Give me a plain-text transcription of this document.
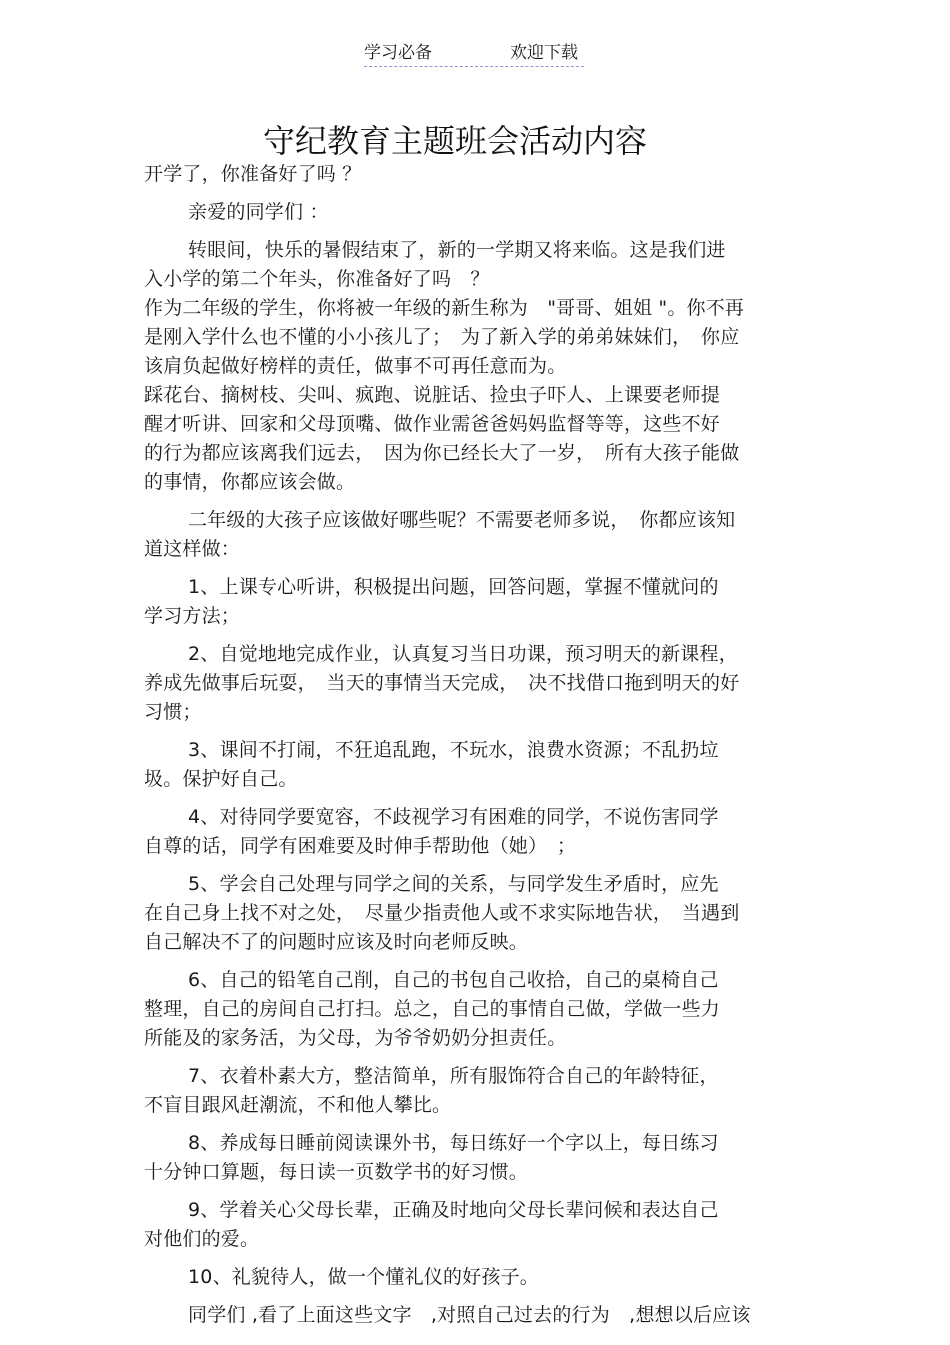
学习必备	欢迎下载
守纪教育主题班会活动内容

开学了，你准备好了吗 ？

亲爱的同学们 ：

转眼间，快乐的暑假结束了，新的一学期又将来临。这是我们进

入小学的第二个年头，你准备好了吗　？

作为二年级的学生，你将被一年级的新生称为　"哥哥、姐姐 "。你不再

是刚入学什么也不懂的小小孩儿了；　为了新入学的弟弟妹妹们，　你应

该肩负起做好榜样的责任，做事不可再任意而为。

踩花台、摘树枝、尖叫、疯跑、说脏话、捡虫子吓人、上课要老师提

醒才听讲、回家和父母顶嘴、做作业需爸爸妈妈监督等等，这些不好

的行为都应该离我们远去，　因为你已经长大了一岁，　所有大孩子能做

的事情，你都应该会做。

二年级的大孩子应该做好哪些呢？不需要老师多说，　你都应该知

道这样做：

1、上课专心听讲，积极提出问题，回答问题，掌握不懂就问的

学习方法；

2、自觉地地完成作业，认真复习当日功课，预习明天的新课程，

养成先做事后玩耍，　当天的事情当天完成，　决不找借口拖到明天的好

习惯；

3、课间不打闹，不狂追乱跑，不玩水，浪费水资源；不乱扔垃

圾。保护好自己。

4、对待同学要宽容，不歧视学习有困难的同学，不说伤害同学

自尊的话，同学有困难要及时伸手帮助他（她）　；

5、学会自己处理与同学之间的关系，与同学发生矛盾时，应先

在自己身上找不对之处，　尽量少指责他人或不求实际地告状，　当遇到

自己解决不了的问题时应该及时向老师反映。

6、自己的铅笔自己削，自己的书包自己收拾，自己的桌椅自己

整理，自己的房间自己打扫。总之，自己的事情自己做，学做一些力

所能及的家务活，为父母，为爷爷奶奶分担责任。

7、衣着朴素大方，整洁简单，所有服饰符合自己的年龄特征，

不盲目跟风赶潮流，不和他人攀比。

8、养成每日睡前阅读课外书，每日练好一个字以上，每日练习

十分钟口算题，每日读一页数学书的好习惯。

9、学着关心父母长辈，正确及时地向父母长辈问候和表达自己

对他们的爱。

10、礼貌待人，做一个懂礼仪的好孩子。

同学们 ,看了上面这些文字　,对照自己过去的行为　,想想以后应该
